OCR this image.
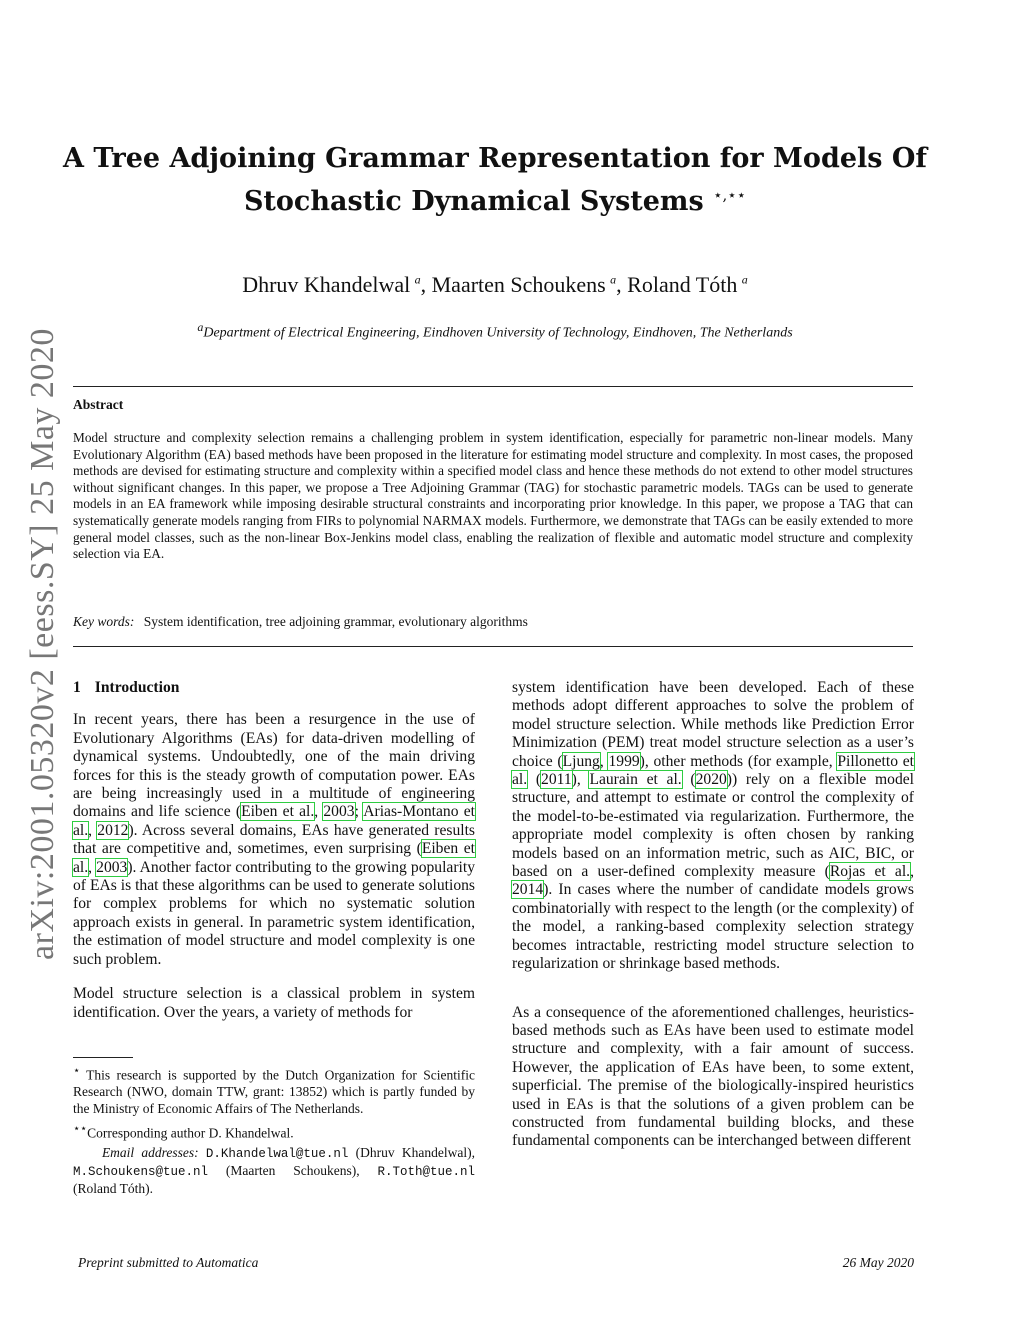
arXiv:2001.05320v2 [eess.SY] 25 May 2020
A Tree Adjoining Grammar Representation for Models Of
Stochastic Dynamical Systems ⋆,⋆⋆
Dhruv Khandelwal  $^a$, Maarten Schoukens  $^a$, Roland Tóth  $^a$
$^a$Department of Electrical Engineering, Eindhoven University of Technology, Eindhoven, The Netherlands
Abstract
Model structure and complexity selection remains a challenging problem in system identification, especially for parametric non-linear models. Many Evolutionary Algorithm (EA) based methods have been proposed in the literature for estimating model structure and complexity. In most cases, the proposed methods are devised for estimating structure and complexity within a specified model class and hence these methods do not extend to other model structures without significant changes. In this paper, we propose a Tree Adjoining Grammar (TAG) for stochastic parametric models. TAGs can be used to generate models in an EA framework while imposing desirable structural constraints and incorporating prior knowledge. In this paper, we propose a TAG that can systematically generate models ranging from FIRs to polynomial NARMAX models. Furthermore, we demonstrate that TAGs can be easily extended to more general model classes, such as the non-linear Box-Jenkins model class, enabling the realization of flexible and automatic model structure and complexity selection via EA.
Key words: System identification, tree adjoining grammar, evolutionary algorithms
1 Introduction

In recent years, there has been a resurgence in the use of Evolutionary Algorithms (EAs) for data-driven modelling of dynamical systems. Undoubtedly, one of the main driving forces for this is the steady growth of computation power. EAs are being increasingly used in a multitude of engineering domains and life science (Eiben et al., 2003; Arias-Montano et al., 2012). Across several domains, EAs have generated results that are competitive and, sometimes, even surprising (Eiben et al., 2003). Another factor contributing to the growing popularity of EAs is that these algorithms can be used to generate solutions for complex problems for which no systematic solution approach exists in general. In parametric system identification, the estimation of model structure and model complexity is one such problem.

Model structure selection is a classical problem in system identification. Over the years, a variety of methods for

⋆ This research is supported by the Dutch Organization for Scientific Research (NWO, domain TTW, grant: 13852) which is partly funded by the Ministry of Economic Affairs of The Netherlands.

⋆⋆Corresponding author D. Khandelwal.

Email addresses: D.Khandelwal@tue.nl (Dhruv Khandelwal), M.Schoukens@tue.nl (Maarten Schoukens), R.Toth@tue.nl (Roland Tóth).

system identification have been developed. Each of these methods adopt different approaches to solve the problem of model structure selection. While methods like Prediction Error Minimization (PEM) treat model structure selection as a user’s choice (Ljung, 1999), other methods (for example, Pillonetto et al. (2011), Laurain et al. (2020)) rely on a flexible model structure, and attempt to estimate or control the complexity of the model-to-be-estimated via regularization. Furthermore, the appropriate model complexity is often chosen by ranking models based on an information metric, such as AIC, BIC, or based on a user-defined complexity measure (Rojas et al., 2014). In cases where the number of candidate models grows combinatorially with respect to the length (or the complexity) of the model, a ranking-based complexity selection strategy becomes intractable, restricting model structure selection to regularization or shrinkage based methods.

As a consequence of the aforementioned challenges, heuristics-based methods such as EAs have been used to estimate model structure and complexity, with a fair amount of success. However, the application of EAs have been, to some extent, superficial. The premise of the biologically-inspired heuristics used in EAs is that the solutions of a given problem can be constructed from fundamental building blocks, and these fundamental components can be interchanged between different

Preprint submitted to Automatica	26 May 2020
